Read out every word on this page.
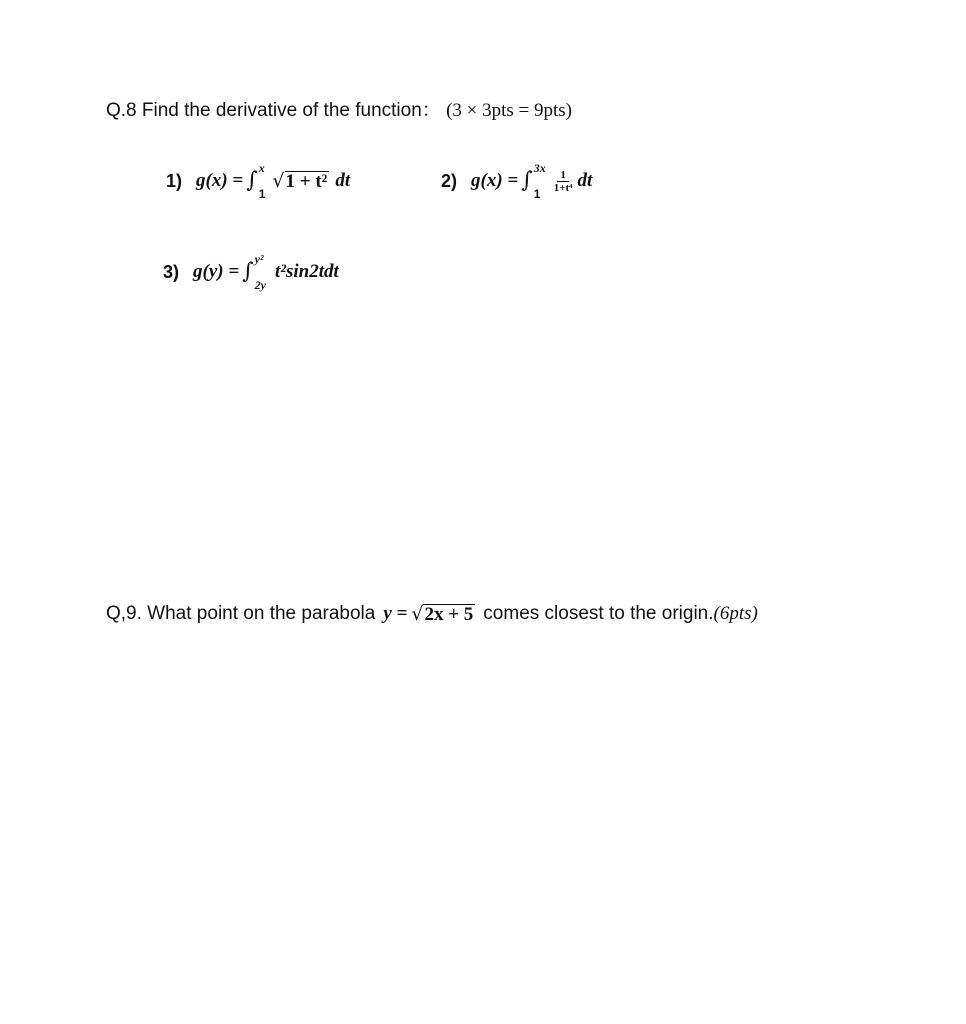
Q.8 Find the derivative of the function： (3 × 3pts = 9pts)
1) g(x) = ∫ x
1
√ 1 + t² dt	2) g(x) = ∫ 3x
1
$\frac{1}{\text{1+t⁴}}$ dt
3) g(y) = ∫ y²
2y
t²sin2tdt
Q,9. What point on the parabola y = √ 2x + 5 comes closest to the origin. (6pts)
